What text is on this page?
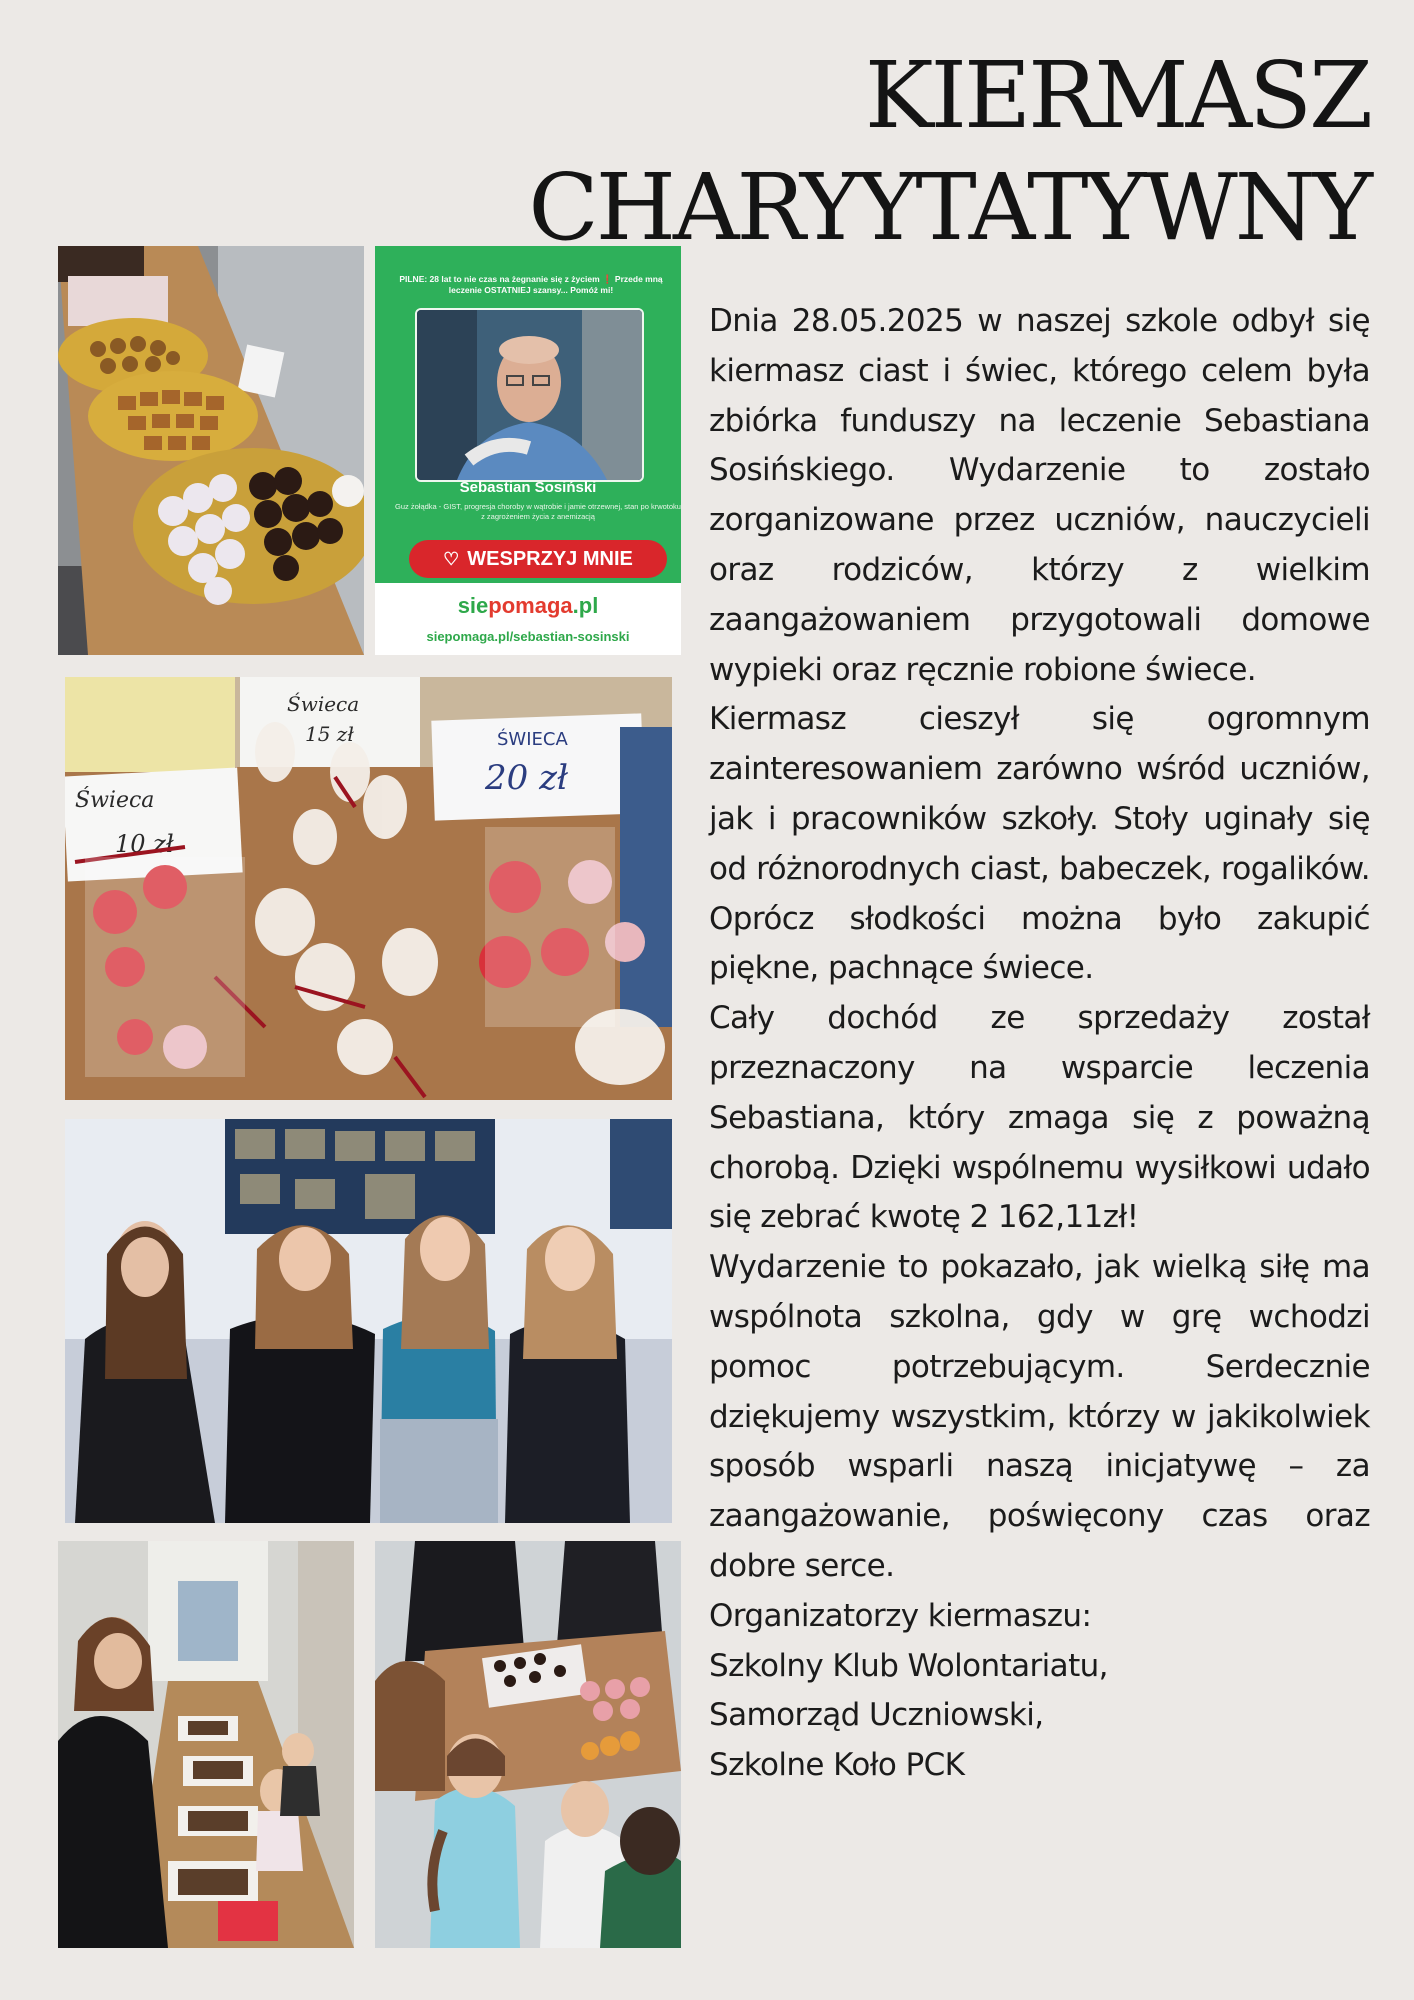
KIERMASZ
CHARYYTATYWNY
PILNE: 28 lat to nie czas na żegnanie się z życiem ❗ Przede mną leczenie OSTATNIEJ szansy... Pomóż mi!
Sebastian Sosiński
Guz żołądka - GIST, progresja choroby w wątrobie i jamie otrzewnej, stan po krwotoku z zagrożeniem życia z anemizacją
♡ WESPRZYJ MNIE
siepomaga.pl
siepomaga.pl/sebastian-sosinski
Świeca
15 zł	ŚWIECA
20 zł
Świeca
10 zł

Dnia 28.05.2025 w naszej szkole odbył się kiermasz ciast i świec, którego celem była zbiórka funduszy na leczenie Sebastiana Sosińskiego. Wydarzenie to zostało zorganizowane przez uczniów, nauczycieli oraz rodziców, którzy z wielkim zaangażowaniem przygotowali domowe wypieki oraz ręcznie robione świece.

Kiermasz cieszył się ogromnym zainteresowaniem zarówno wśród uczniów, jak i pracowników szkoły. Stoły uginały się od różnorodnych ciast, babeczek, rogalików. Oprócz słodkości można było zakupić piękne, pachnące świece.

Cały dochód ze sprzedaży został przeznaczony na wsparcie leczenia Sebastiana, który zmaga się z poważną chorobą. Dzięki wspólnemu wysiłkowi udało się zebrać kwotę 2 162,11zł!

Wydarzenie to pokazało, jak wielką siłę ma wspólnota szkolna, gdy w grę wchodzi pomoc potrzebującym. Serdecznie dziękujemy wszystkim, którzy w jakikolwiek sposób wsparli naszą inicjatywę – za zaangażowanie, poświęcony czas oraz dobre serce.

Organizatorzy kiermaszu:

Szkolny Klub Wolontariatu,

Samorząd Uczniowski,

Szkolne Koło PCK
